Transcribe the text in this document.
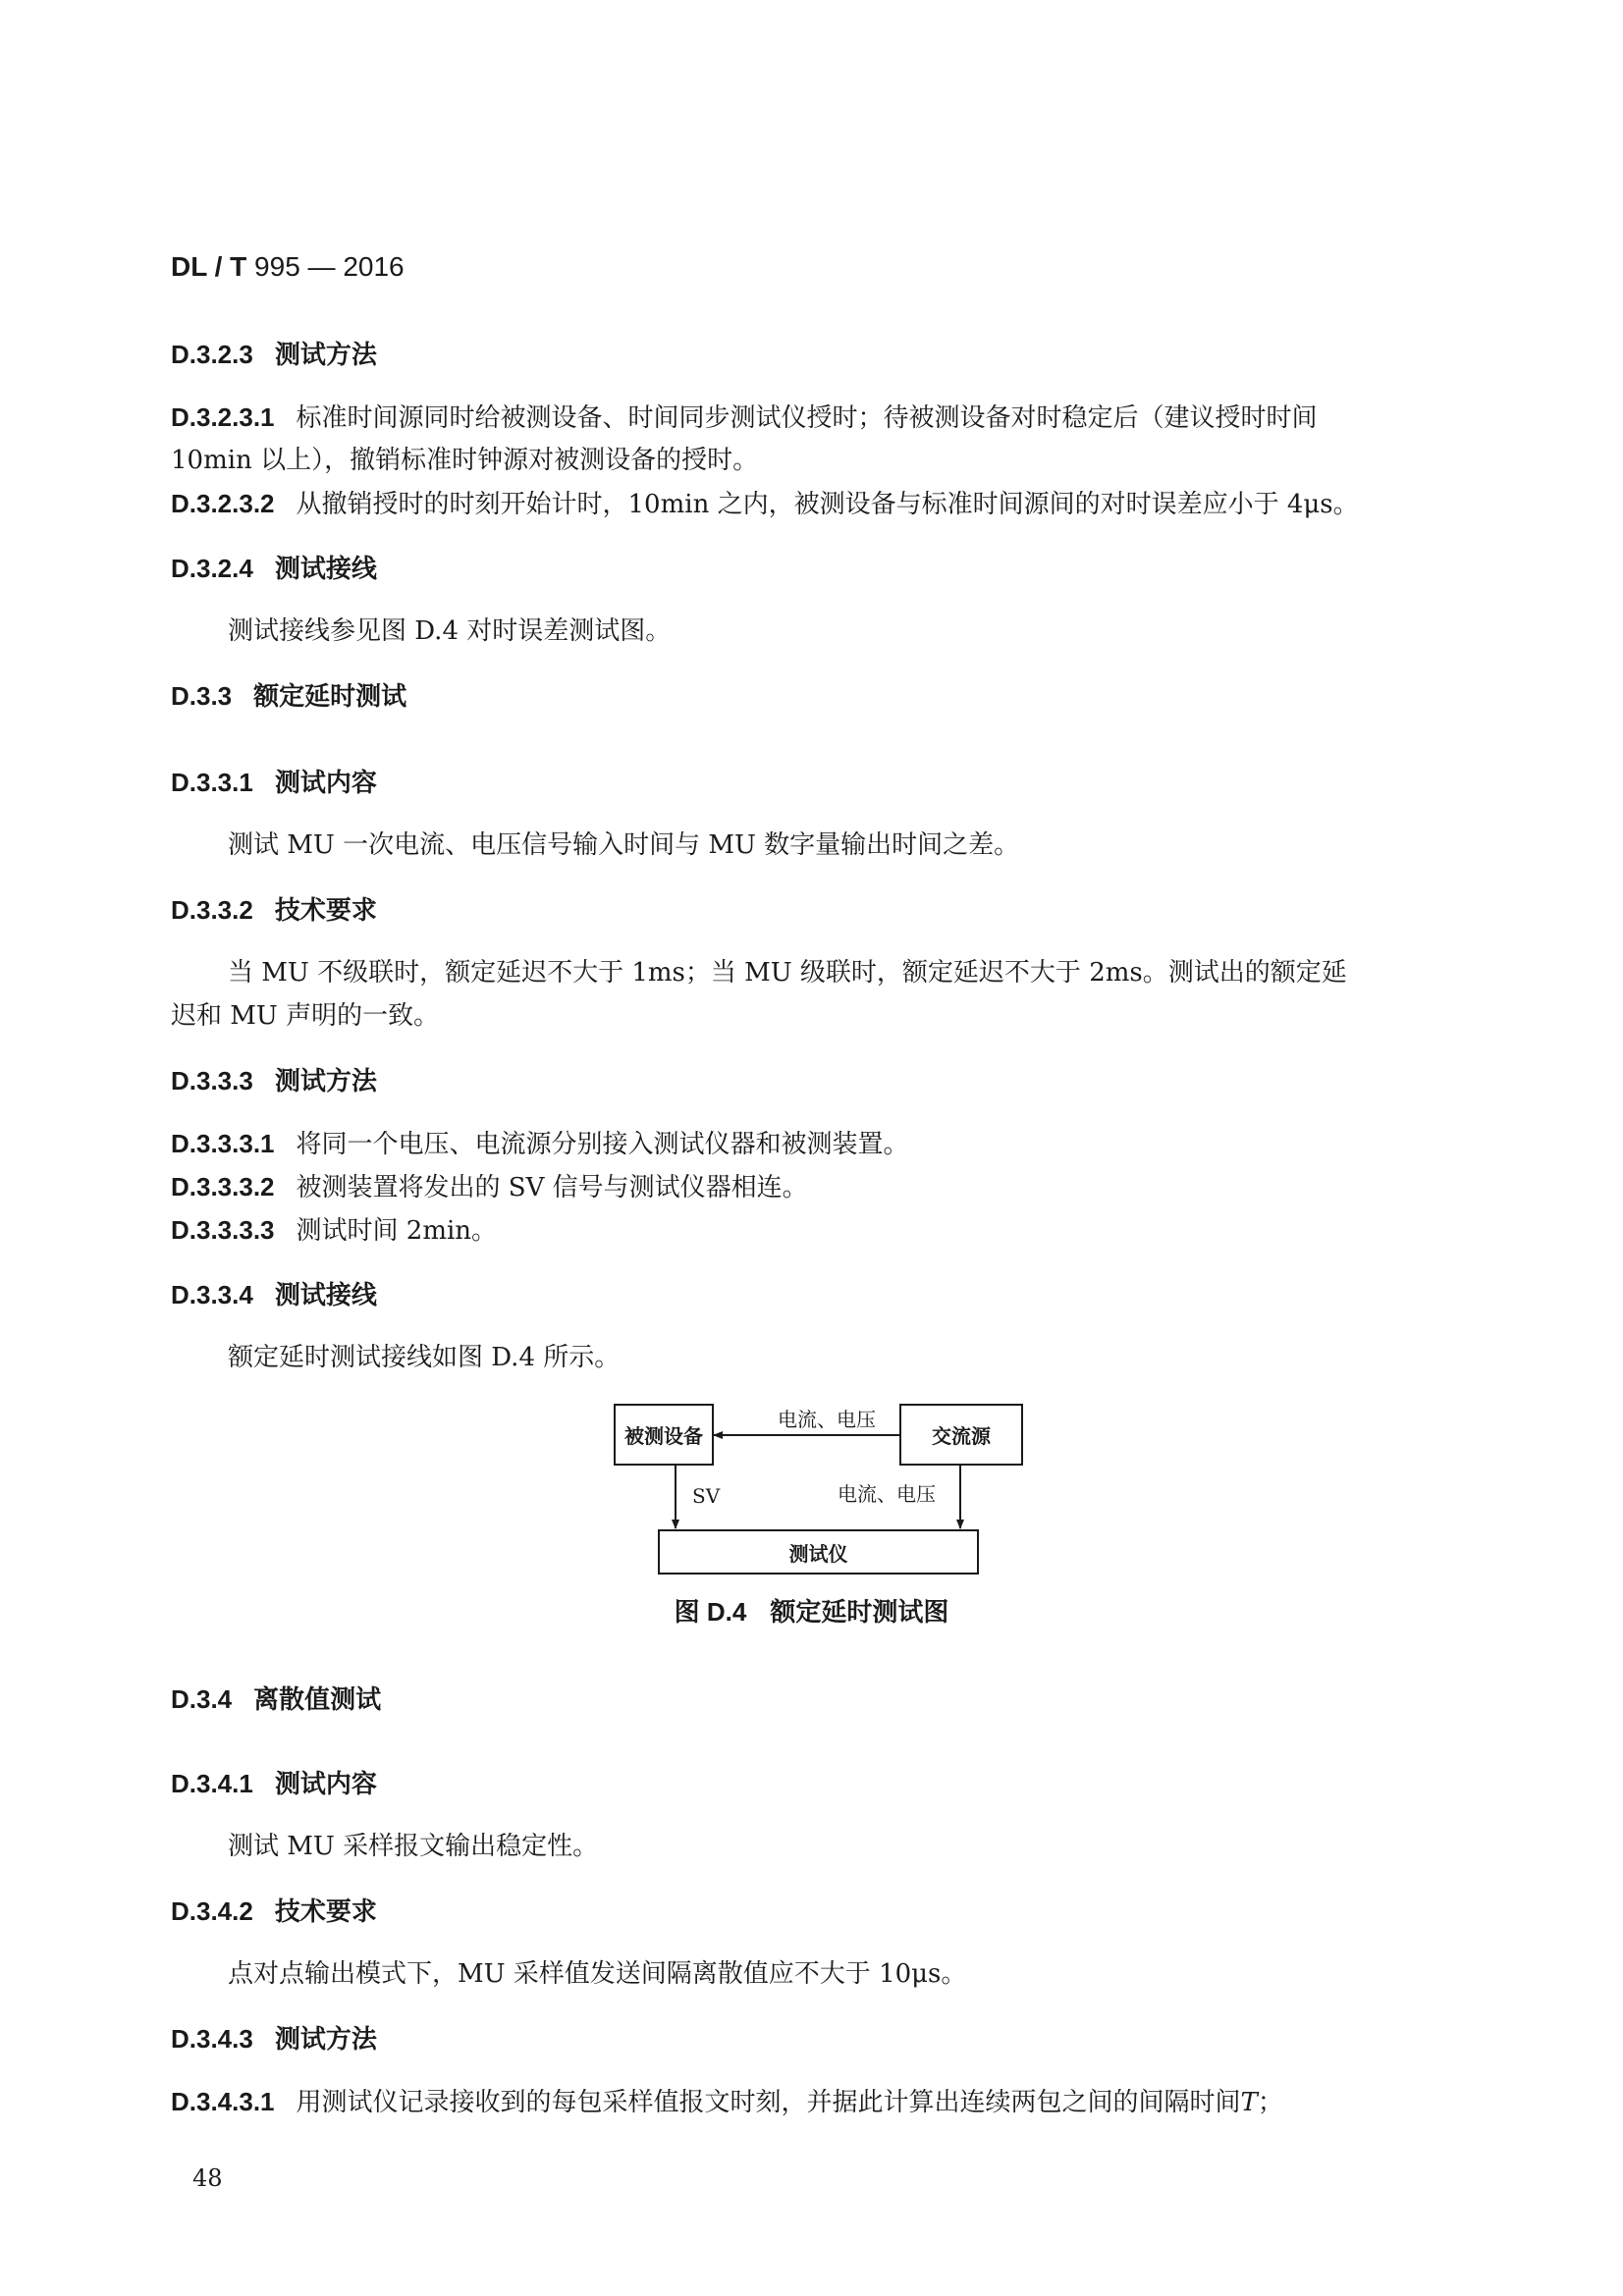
DL / T 995 — 2016
D.3.2.3 测试方法
D.3.2.3.1 标准时间源同时给被测设备、时间同步测试仪授时；待被测设备对时稳定后（建议授时时间
10min 以上），撤销标准时钟源对被测设备的授时。
D.3.2.3.2 从撤销授时的时刻开始计时，10min 之内，被测设备与标准时间源间的对时误差应小于 4μs。
D.3.2.4 测试接线
测试接线参见图 D.4 对时误差测试图。
D.3.3 额定延时测试
D.3.3.1 测试内容
测试 MU 一次电流、电压信号输入时间与 MU 数字量输出时间之差。
D.3.3.2 技术要求
当 MU 不级联时，额定延迟不大于 1ms；当 MU 级联时，额定延迟不大于 2ms。测试出的额定延
迟和 MU 声明的一致。
D.3.3.3 测试方法
D.3.3.3.1 将同一个电压、电流源分别接入测试仪器和被测装置。
D.3.3.3.2 被测装置将发出的 SV 信号与测试仪器相连。
D.3.3.3.3 测试时间 2min。
D.3.3.4 测试接线
额定延时测试接线如图 D.4 所示。
被测设备	交流源
测试仪
电流、电压
SV	电流、电压
图 D.4 额定延时测试图
D.3.4 离散值测试
D.3.4.1 测试内容
测试 MU 采样报文输出稳定性。
D.3.4.2 技术要求
点对点输出模式下，MU 采样值发送间隔离散值应不大于 10μs。
D.3.4.3 测试方法
D.3.4.3.1 用测试仪记录接收到的每包采样值报文时刻，并据此计算出连续两包之间的间隔时间T；
48
